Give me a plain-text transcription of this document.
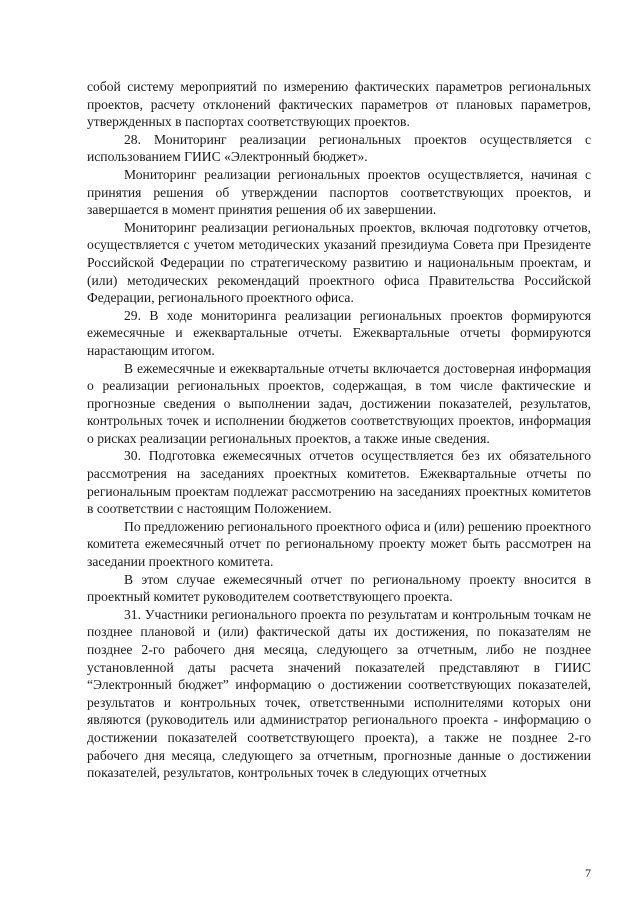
собой систему мероприятий по измерению фактических параметров региональных проектов, расчету отклонений фактических параметров от плановых параметров, утвержденных в паспортах соответствующих проектов.

28. Мониторинг реализации региональных проектов осуществляется с использованием ГИИС «Электронный бюджет».

Мониторинг реализации региональных проектов осуществляется, начиная с принятия решения об утверждении паспортов соответствующих проектов, и завершается в момент принятия решения об их завершении.

Мониторинг реализации региональных проектов, включая подготовку отчетов, осуществляется с учетом методических указаний президиума Совета при Президенте Российской Федерации по стратегическому развитию и национальным проектам, и (или) методических рекомендаций проектного офиса Правительства Российской Федерации, регионального проектного офиса.

29. В ходе мониторинга реализации региональных проектов формируются ежемесячные и ежеквартальные отчеты. Ежеквартальные отчеты формируются нарастающим итогом.

В ежемесячные и ежеквартальные отчеты включается достоверная информация о реализации региональных проектов, содержащая, в том числе фактические и прогнозные сведения о выполнении задач, достижении показателей, результатов, контрольных точек и исполнении бюджетов соответствующих проектов, информация о рисках реализации региональных проектов, а также иные сведения.

30. Подготовка ежемесячных отчетов осуществляется без их обязательного рассмотрения на заседаниях проектных комитетов. Ежеквартальные отчеты по региональным проектам подлежат рассмотрению на заседаниях проектных комитетов в соответствии с настоящим Положением.

По предложению регионального проектного офиса и (или) решению проектного комитета ежемесячный отчет по региональному проекту может быть рассмотрен на заседании проектного комитета.

В этом случае ежемесячный отчет по региональному проекту вносится в проектный комитет руководителем соответствующего проекта.

31. Участники регионального проекта по результатам и контрольным точкам не позднее плановой и (или) фактической даты их достижения, по показателям не позднее 2-го рабочего дня месяца, следующего за отчетным, либо не позднее установленной даты расчета значений показателей представляют в ГИИС “Электронный бюджет” информацию о достижении соответствующих показателей, результатов и контрольных точек, ответственными исполнителями которых они являются (руководитель или администратор регионального проекта - информацию о достижении показателей соответствующего проекта), а также не позднее 2-го рабочего дня месяца, следующего за отчетным, прогнозные данные о достижении показателей, результатов, контрольных точек в следующих отчетных

7
